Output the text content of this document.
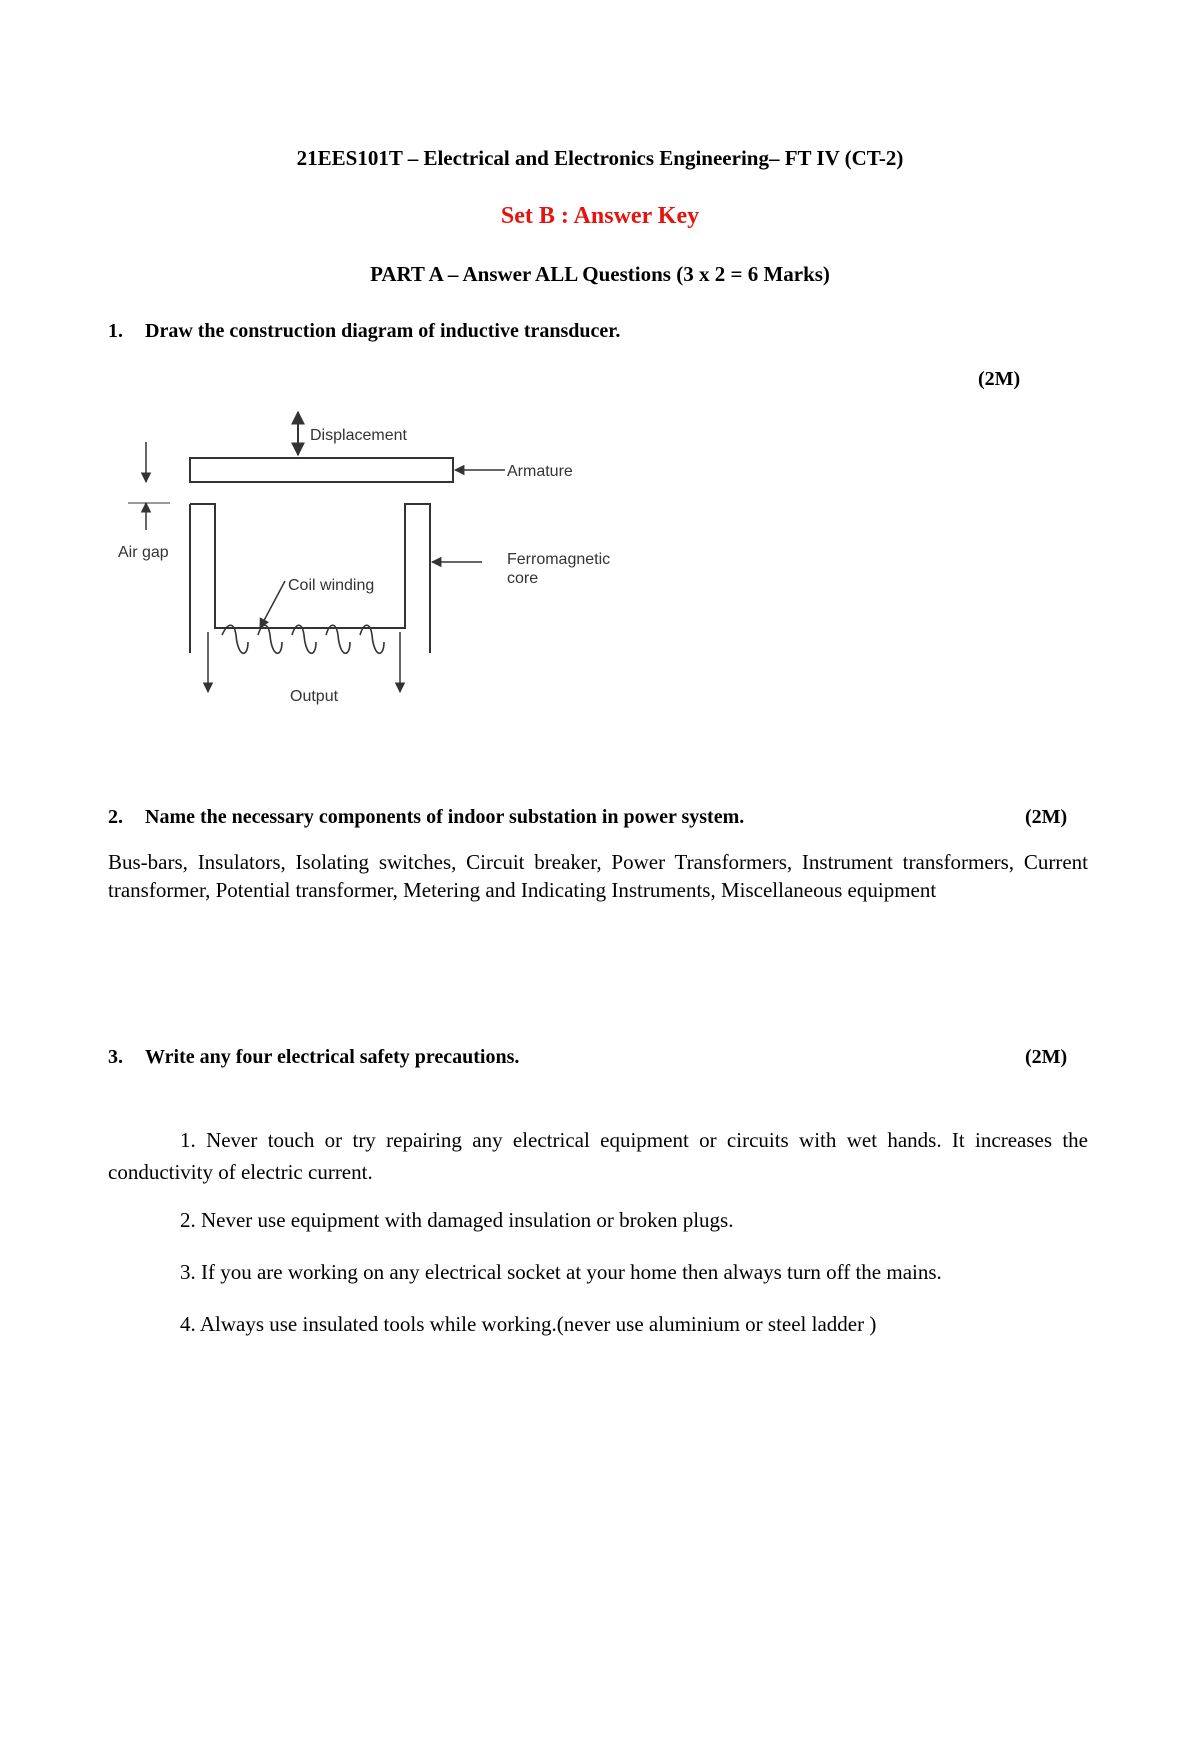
21EES101T – Electrical and Electronics Engineering– FT IV (CT-2)
Set B : Answer Key
PART A – Answer ALL Questions (3 x 2 = 6 Marks)
1. Draw the construction diagram of inductive transducer.
(2M)
Displacement
Armature
Air gap	Ferromagnetic
core
Coil winding
Output
2. Name the necessary components of indoor substation in power system.	(2M)
Bus-bars, Insulators, Isolating switches, Circuit breaker, Power Transformers, Instrument transformers, Current transformer, Potential transformer, Metering and Indicating Instruments, Miscellaneous equipment
3. Write any four electrical safety precautions.	(2M)
1. Never touch or try repairing any electrical equipment or circuits with wet hands. It increases the conductivity of electric current.
2. Never use equipment with damaged insulation or broken plugs.
3. If you are working on any electrical socket at your home then always turn off the mains.
4. Always use insulated tools while working.(never use aluminium or steel ladder )
